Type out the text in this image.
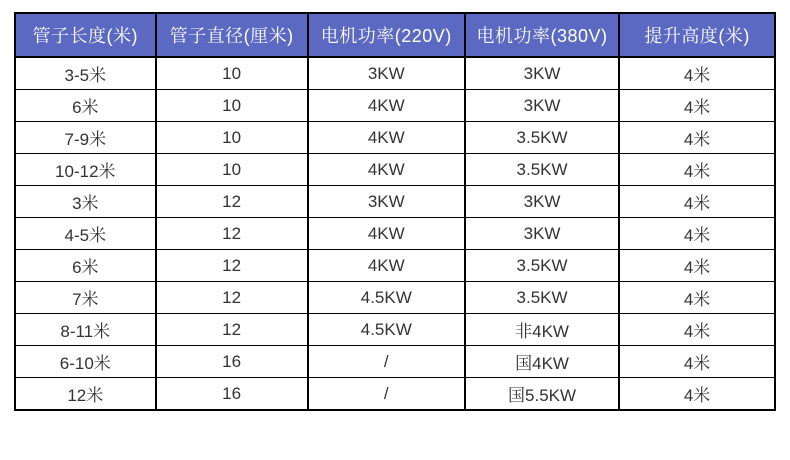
管子长度(米)	管子直径(厘米)	电机功率(220V)	电机功率(380V)	提升高度(米)
3-5米	10	3KW	3KW	4米
6米	10	4KW	3KW	4米
7-9米	10	4KW	3.5KW	4米
10-12米	10	4KW	3.5KW	4米
3米	12	3KW	3KW	4米
4-5米	12	4KW	3KW	4米
6米	12	4KW	3.5KW	4米
7米	12	4.5KW	3.5KW	4米
8-11米	12	4.5KW	非4KW	4米
6-10米	16	/	国4KW	4米
12米	16	/	国5.5KW	4米
